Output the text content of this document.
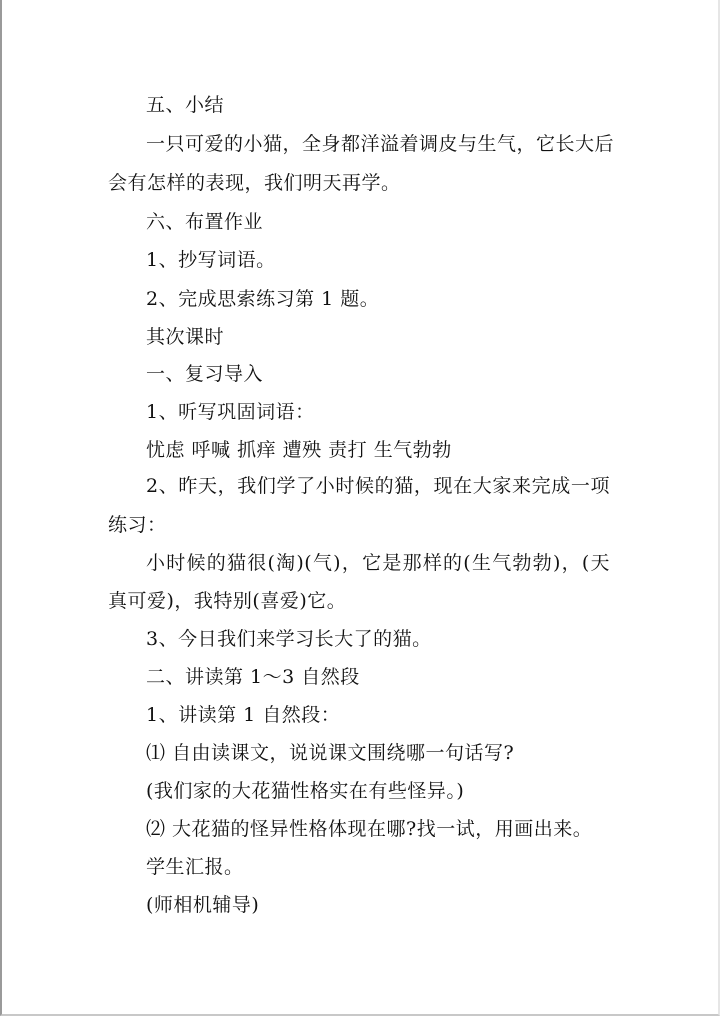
五、小结
一只可爱的小猫，全身都洋溢着调皮与生气，它长大后
会有怎样的表现，我们明天再学。
六、布置作业
1、抄写词语。
2、完成思索练习第 1 题。
其次课时
一、复习导入
1、听写巩固词语：
忧虑 呼喊 抓痒 遭殃 责打 生气勃勃
2、昨天，我们学了小时候的猫，现在大家来完成一项
练习：
小时候的猫很(淘)(气)，它是那样的(生气勃勃)，(天
真可爱)，我特别(喜爱)它。
3、今日我们来学习长大了的猫。
二、讲读第 1～3 自然段
1、讲读第 1 自然段：
⑴ 自由读课文，说说课文围绕哪一句话写?
(我们家的大花猫性格实在有些怪异。)
⑵ 大花猫的怪异性格体现在哪?找一试，用画出来。
学生汇报。
(师相机辅导)
